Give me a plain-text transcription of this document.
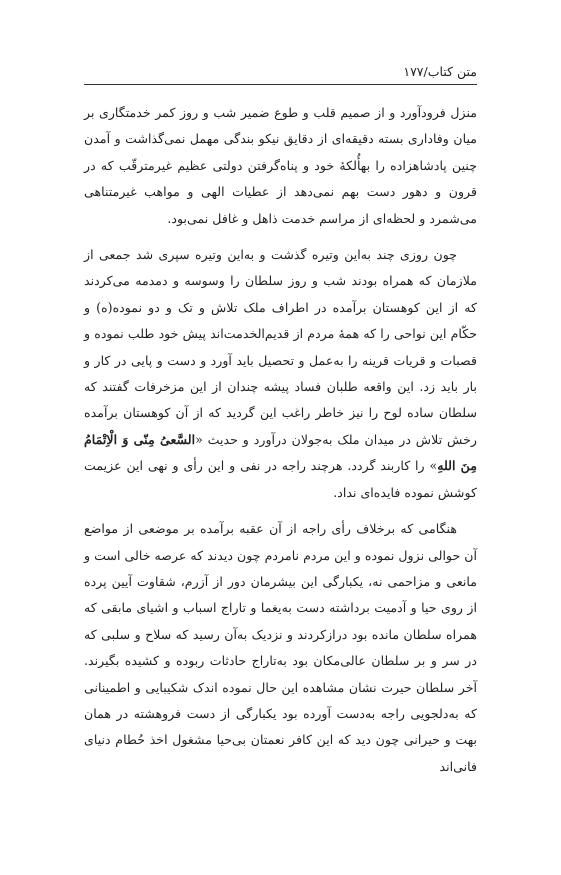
متن کتاب/۱۷۷

منزل فرودآورد و از صمیم قلب و طوع ضمیر شب و روز کمر خدمتگاری بر میان وفاداری بسته دقیقه‌ای از دقایق نیکو بندگی مهمل نمی‌گذاشت و آمدن چنین پادشاهزاده را بهأُلکهٔ خود و پناه‌گرفتن دولتی عظیم غیرمترقّب که در قرون و دهور دست بهم نمی‌دهد از عطیات الهی و مواهب غیرمتناهی می‌شمرد و لحظه‌ای از مراسم خدمت ذاهل و غافل نمی‌بود.

چون روزی چند به‌این وتیره گذشت و به‌این وتیره سپری شد جمعی از ملازمان که همراه بودند شب و روز سلطان را وسوسه و دمدمه می‌کردند که از این کوهستان برآمده در اطراف ملک تلاش و تک و دو نموده(ه) و حکّام این نواحی را که همهٔ مردم از قدیم‌الخدمت‌اند پیش خود طلب نموده و قصبات و قریات قرینه را به‌عمل و تحصیل باید آورد و دست و پایی در کار و بار باید زد. این واقعه طلبان فساد پیشه چندان از این مزخرفات گفتند که سلطان ساده لوح را نیز خاطر راغب این گردید که از آن کوهستان برآمده رخش تلاش در میدان ملک به‌جولان درآورد و حدیث «السَّعیُ مِنّی وَ الْاِتْمَامُ مِنَ اللهِ» را کاربند گردد. هرچند راجه در نفی و این رأی و نهی این عزیمت کوشش نموده فایده‌ای نداد.

هنگامی که برخلاف رأی راجه از آن عقبه برآمده بر موضعی از مواضع آن حوالی نزول نموده و این مردم نامردم چون دیدند که عرصه خالی است و مانعی و مزاحمی نه، یکبارگی این بیشرمان دور از آزرم، شقاوت آیین پرده از روی حیا و آدمیت برداشته دست به‌یغما و تاراج اسباب و اشیای مابقی که همراه سلطان مانده بود درازکردند و نزدیک به‌آن رسید که سلاح و سلبی که در سر و بر سلطان عالی‌مکان بود به‌تاراج حادثات ربوده و کشیده بگیرند. آخر سلطان حیرت نشان مشاهده این حال نموده اندک شکیبایی و اطمینانی که به‌دلجویی راجه به‌دست آورده بود یکبارگی از دست فروهشته در همان بهت و حیرانی چون دید که این کافر نعمتان بی‌حیا مشغول اخذ حُطام دنیای فانی‌اند
